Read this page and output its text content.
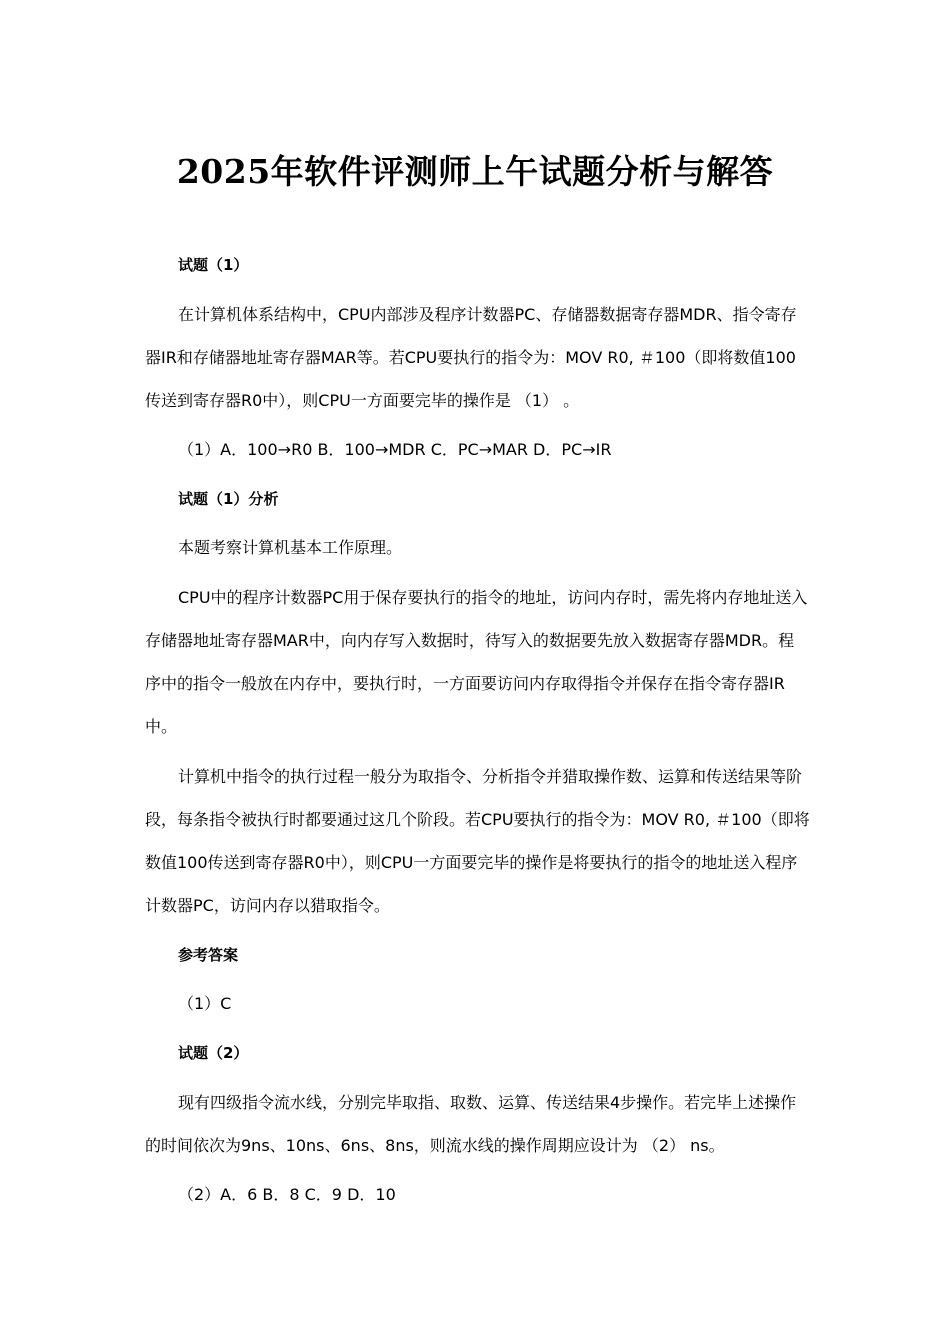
2025年软件评测师上午试题分析与解答

试题（1）

在计算机体系结构中，CPU内部涉及程序计数器PC、存储器数据寄存器MDR、指令寄存器IR和存储器地址寄存器MAR等。若CPU要执行的指令为：MOV R0, ＃100（即将数值100传送到寄存器R0中），则CPU一方面要完毕的操作是 （1） 。

（1）A．100→R0 B．100→MDR C．PC→MAR D．PC→IR

试题（1）分析

本题考察计算机基本工作原理。

CPU中的程序计数器PC用于保存要执行的指令的地址，访问内存时，需先将内存地址送入存储器地址寄存器MAR中，向内存写入数据时，待写入的数据要先放入数据寄存器MDR。程序中的指令一般放在内存中，要执行时，一方面要访问内存取得指令并保存在指令寄存器IR中。

计算机中指令的执行过程一般分为取指令、分析指令并猎取操作数、运算和传送结果等阶段，每条指令被执行时都要通过这几个阶段。若CPU要执行的指令为：MOV R0, ＃100（即将数值100传送到寄存器R0中），则CPU一方面要完毕的操作是将要执行的指令的地址送入程序计数器PC，访问内存以猎取指令。

参考答案

（1）C

试题（2）

现有四级指令流水线，分别完毕取指、取数、运算、传送结果4步操作。若完毕上述操作的时间依次为9ns、10ns、6ns、8ns，则流水线的操作周期应设计为 （2） ns。

（2）A．6 B．8 C．9 D．10
